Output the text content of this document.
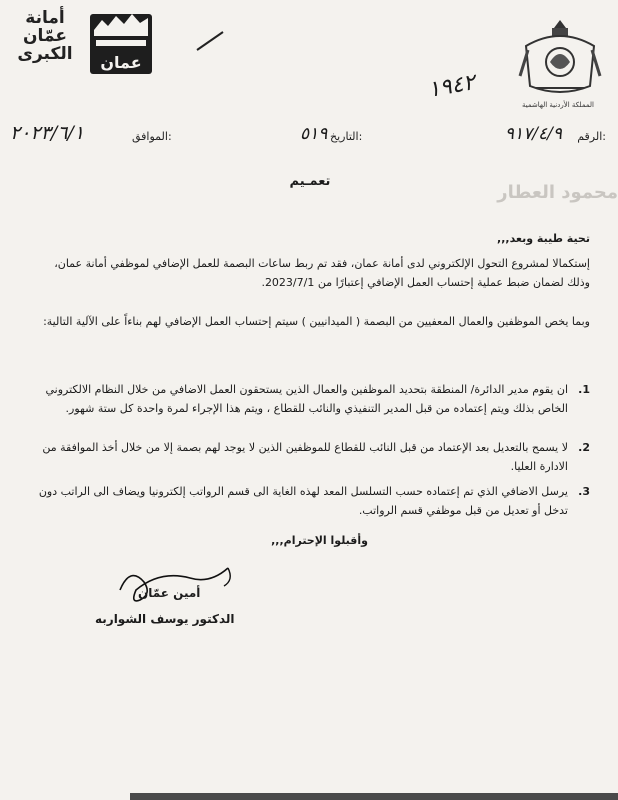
أمانة
عمّان
الكبرى	عمان
المملكة الأردنية الهاشمية
١٩٤٢
الرقم:
٩١٧/٤/٩
التاريخ:
٥١٩
الموافق:
٢٠٢٣/٦/١
محمود العطار
تعمـيم
تحية طيبة وبعد,,,
إستكمالا لمشروع التحول الإلكتروني لدى أمانة عمان، فقد تم ربط ساعات البصمة للعمل الإضافي لموظفي أمانة عمان، وذلك لضمان ضبط عملية إحتساب العمل الإضافي إعتبارًا من 2023/7/1.
وبما يخص الموظفين والعمال المعفيين من البصمة ( الميدانيين ) سيتم إحتساب العمل الإضافي لهم بناءاً على الآلية التالية:
1.
ان يقوم مدير الدائرة/ المنطقة بتحديد الموظفين والعمال الذين يستحقون العمل الاضافي من خلال النظام الالكتروني الخاص بذلك ويتم إعتماده من قبل المدير التنفيذي والنائب للقطاع ، ويتم هذا الإجراء لمرة واحدة كل ستة شهور.
2.
لا يسمح بالتعديل بعد الإعتماد من قبل النائب للقطاع للموظفين الذين لا يوجد لهم بصمة إلا من خلال أخذ الموافقة من الادارة العليا.
3.
يرسل الاضافي الذي تم إعتماده حسب التسلسل المعد لهذه الغاية الى قسم الرواتب إلكترونيا ويضاف الى الراتب دون تدخل أو تعديل من قبل موظفي قسم الرواتب.
وأقبلوا الإحترام,,,
أمين عمّان
الدكتور يوسف الشواربه
